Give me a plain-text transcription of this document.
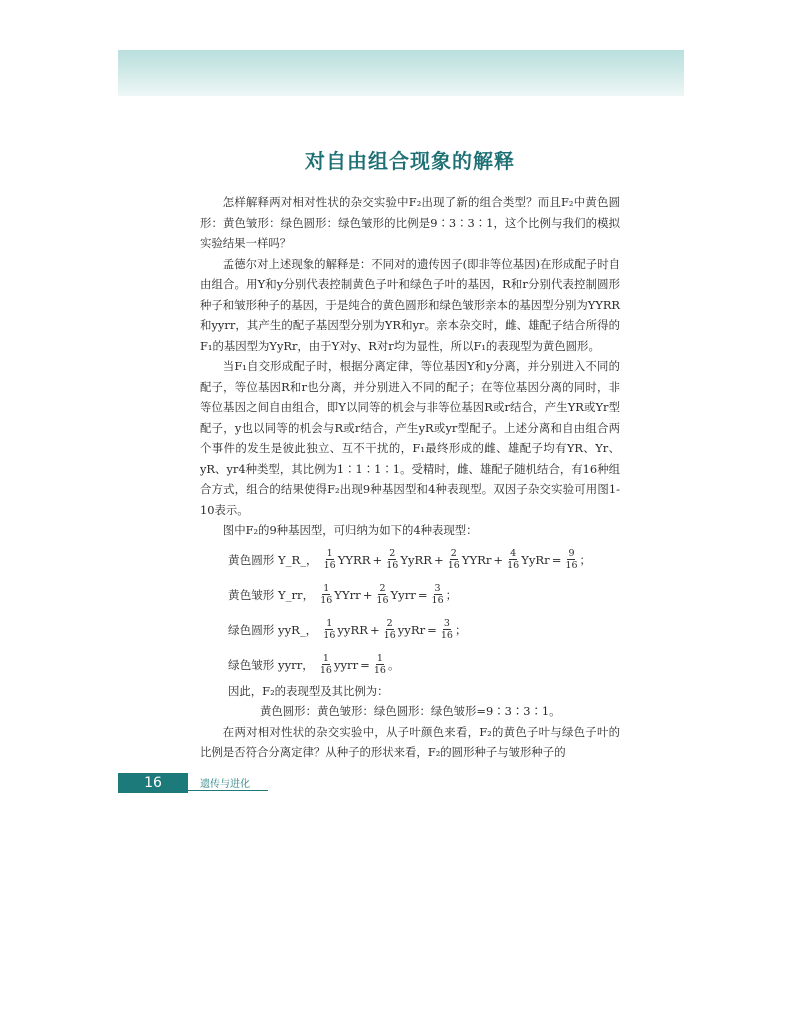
对自由组合现象的解释

怎样解释两对相对性状的杂交实验中F₂出现了新的组合类型？而且F₂中黄色圆形：黄色皱形：绿色圆形：绿色皱形的比例是9∶3∶3∶1，这个比例与我们的模拟实验结果一样吗？

孟德尔对上述现象的解释是：不同对的遗传因子(即非等位基因)在形成配子时自由组合。用Y和y分别代表控制黄色子叶和绿色子叶的基因，R和r分别代表控制圆形种子和皱形种子的基因，于是纯合的黄色圆形和绿色皱形亲本的基因型分别为YYRR和yyrr，其产生的配子基因型分别为YR和yr。亲本杂交时，雌、雄配子结合所得的F₁的基因型为YyRr，由于Y对y、R对r均为显性，所以F₁的表现型为黄色圆形。

当F₁自交形成配子时，根据分离定律，等位基因Y和y分离，并分别进入不同的配子，等位基因R和r也分离，并分别进入不同的配子；在等位基因分离的同时，非等位基因之间自由组合，即Y以同等的机会与非等位基因R或r结合，产生YR或Yr型配子，y也以同等的机会与R或r结合，产生yR或yr型配子。上述分离和自由组合两个事件的发生是彼此独立、互不干扰的，F₁最终形成的雌、雄配子均有YR、Yr、yR、yr4种类型，其比例为1∶1∶1∶1。受精时，雌、雄配子随机结合，有16种组合方式，组合的结果使得F₂出现9种基因型和4种表现型。双因子杂交实验可用图1-10表示。

图中F₂的9种基因型，可归纳为如下的4种表现型：

黄色圆形 Y_R_， $\frac{1}{16}$ YYRR + $\frac{2}{16}$ YyRR + $\frac{2}{16}$ YYRr + $\frac{4}{16}$ YyRr = $\frac{9}{16}$ ；
黄色皱形 Y_rr， $\frac{1}{16}$ YYrr + $\frac{2}{16}$ Yyrr = $\frac{3}{16}$ ；
绿色圆形 yyR_， $\frac{1}{16}$ yyRR + $\frac{2}{16}$ yyRr = $\frac{3}{16}$ ；
绿色皱形 yyrr， $\frac{1}{16}$ yyrr = $\frac{1}{16}$ 。

因此，F₂的表现型及其比例为：

黄色圆形：黄色皱形：绿色圆形：绿色皱形=9∶3∶3∶1。

在两对相对性状的杂交实验中，从子叶颜色来看，F₂的黄色子叶与绿色子叶的比例是否符合分离定律？从种子的形状来看，F₂的圆形种子与皱形种子的

16	遗传与进化
